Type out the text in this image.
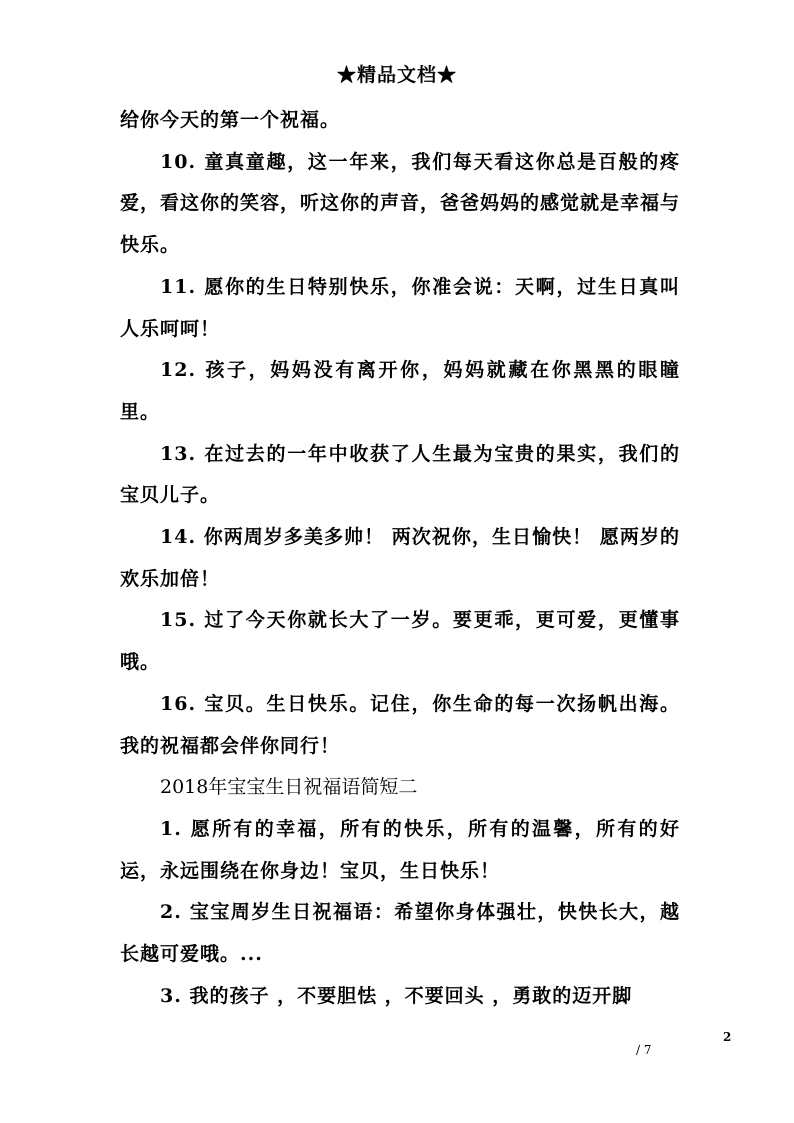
★精品文档★

给你今天的第一个祝福。

10. 童真童趣，这一年来，我们每天看这你总是百般的疼爱，看这你的笑容，听这你的声音，爸爸妈妈的感觉就是幸福与快乐。

11. 愿你的生日特别快乐，你准会说：天啊，过生日真叫人乐呵呵！

12. 孩子，妈妈没有离开你，妈妈就藏在你黑黑的眼瞳里。

13. 在过去的一年中收获了人生最为宝贵的果实，我们的宝贝儿子。

14. 你两周岁多美多帅！ 两次祝你，生日愉快！ 愿两岁的欢乐加倍！

15. 过了今天你就长大了一岁。要更乖，更可爱，更懂事哦。

16. 宝贝。生日快乐。记住，你生命的每一次扬帆出海。我的祝福都会伴你同行！

2018年宝宝生日祝福语简短二

1. 愿所有的幸福，所有的快乐，所有的温馨，所有的好运，永远围绕在你身边！宝贝，生日快乐！

2. 宝宝周岁生日祝福语：希望你身体强壮，快快长大，越长越可爱哦。...

3. 我的孩子 ，不要胆怯 ，不要回头 ，勇敢的迈开脚

2
/ 7
